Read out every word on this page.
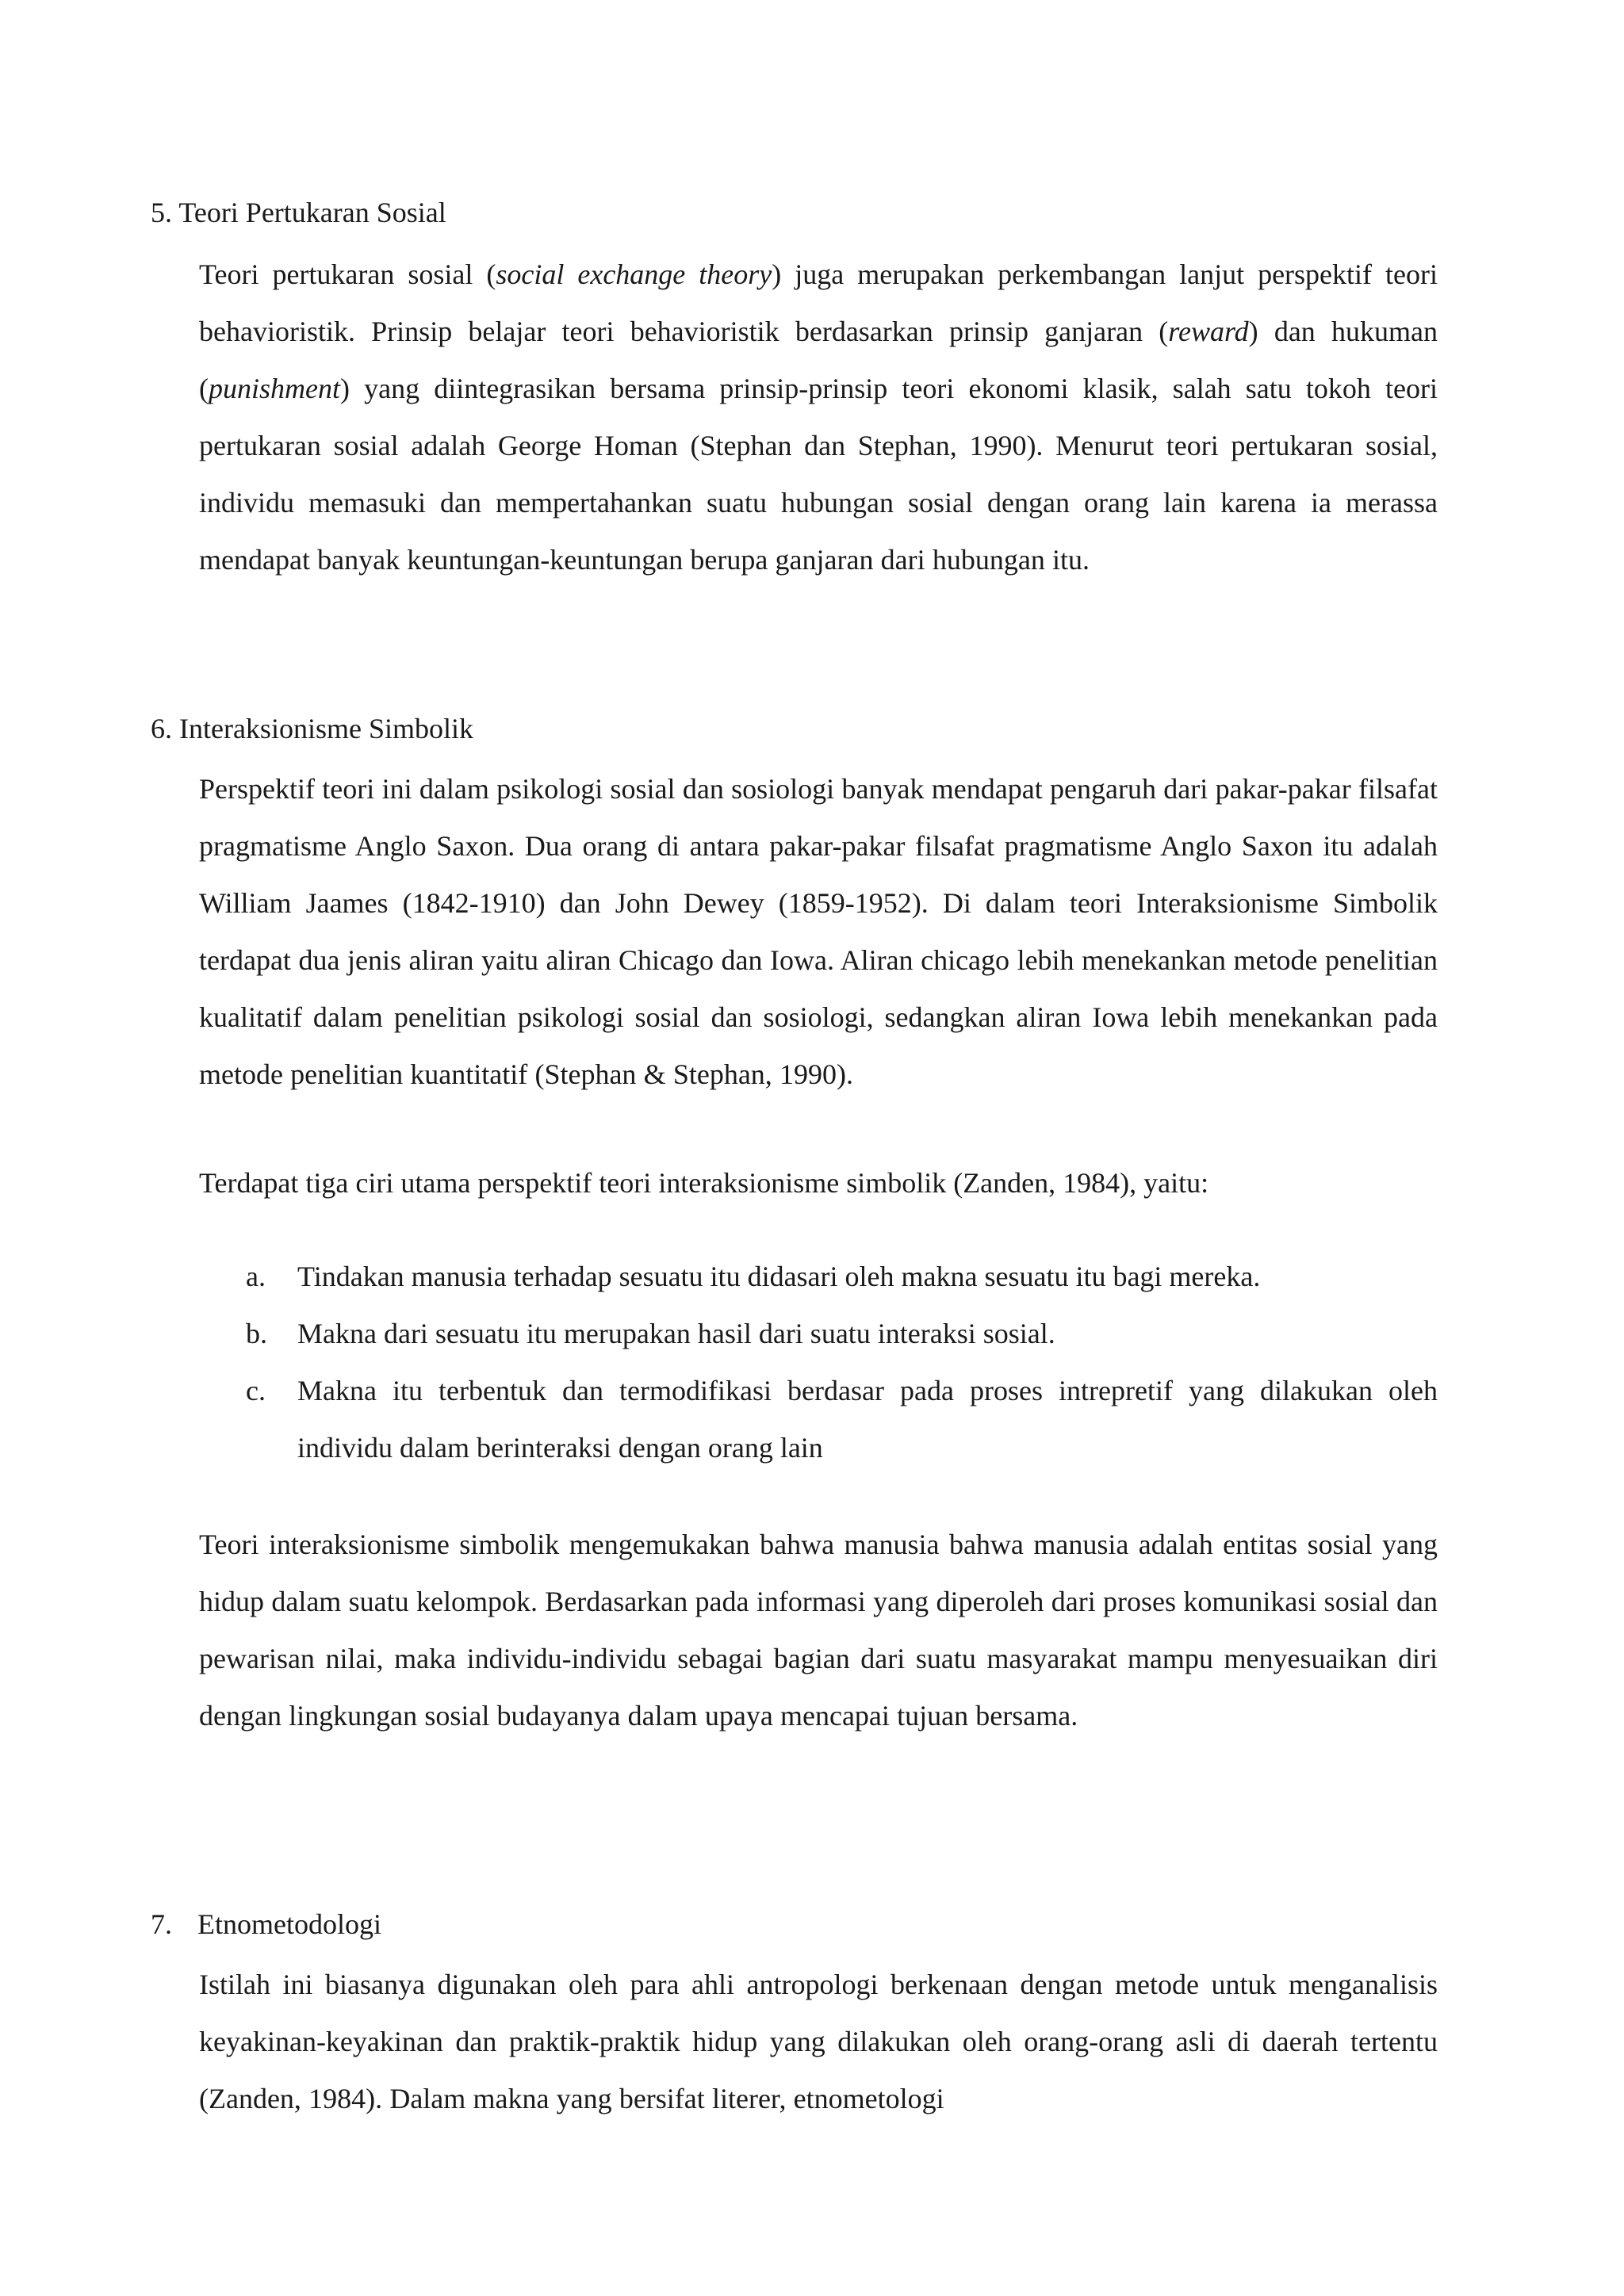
5. Teori Pertukaran Sosial

Teori pertukaran sosial (social exchange theory) juga merupakan perkembangan lanjut perspektif teori behavioristik. Prinsip belajar teori behavioristik berdasarkan prinsip ganjaran (reward) dan hukuman (punishment) yang diintegrasikan bersama prinsip-prinsip teori ekonomi klasik, salah satu tokoh teori pertukaran sosial adalah George Homan (Stephan dan Stephan, 1990). Menurut teori pertukaran sosial, individu memasuki dan mempertahankan suatu hubungan sosial dengan orang lain karena ia merassa mendapat banyak keuntungan-keuntungan berupa ganjaran dari hubungan itu.

6. Interaksionisme Simbolik

Perspektif teori ini dalam psikologi sosial dan sosiologi banyak mendapat pengaruh dari pakar-pakar filsafat pragmatisme Anglo Saxon. Dua orang di antara pakar-pakar filsafat pragmatisme Anglo Saxon itu adalah William Jaames (1842-1910) dan John Dewey (1859-1952). Di dalam teori Interaksionisme Simbolik terdapat dua jenis aliran yaitu aliran Chicago dan Iowa. Aliran chicago lebih menekankan metode penelitian kualitatif dalam penelitian psikologi sosial dan sosiologi, sedangkan aliran Iowa lebih menekankan pada metode penelitian kuantitatif (Stephan & Stephan, 1990).

Terdapat tiga ciri utama perspektif teori interaksionisme simbolik (Zanden, 1984), yaitu:
a. Tindakan manusia terhadap sesuatu itu didasari oleh makna sesuatu itu bagi mereka.
b. Makna dari sesuatu itu merupakan hasil dari suatu interaksi sosial.
c. Makna itu terbentuk dan termodifikasi berdasar pada proses intrepretif yang dilakukan oleh individu dalam berinteraksi dengan orang lain

Teori interaksionisme simbolik mengemukakan bahwa manusia bahwa manusia adalah entitas sosial yang hidup dalam suatu kelompok. Berdasarkan pada informasi yang diperoleh dari proses komunikasi sosial dan pewarisan nilai, maka individu-individu sebagai bagian dari suatu masyarakat mampu menyesuaikan diri dengan lingkungan sosial budayanya dalam upaya mencapai tujuan bersama.

7. Etnometodologi

Istilah ini biasanya digunakan oleh para ahli antropologi berkenaan dengan metode untuk menganalisis keyakinan-keyakinan dan praktik-praktik hidup yang dilakukan oleh orang-orang asli di daerah tertentu (Zanden, 1984). Dalam makna yang bersifat literer, etnometologi
